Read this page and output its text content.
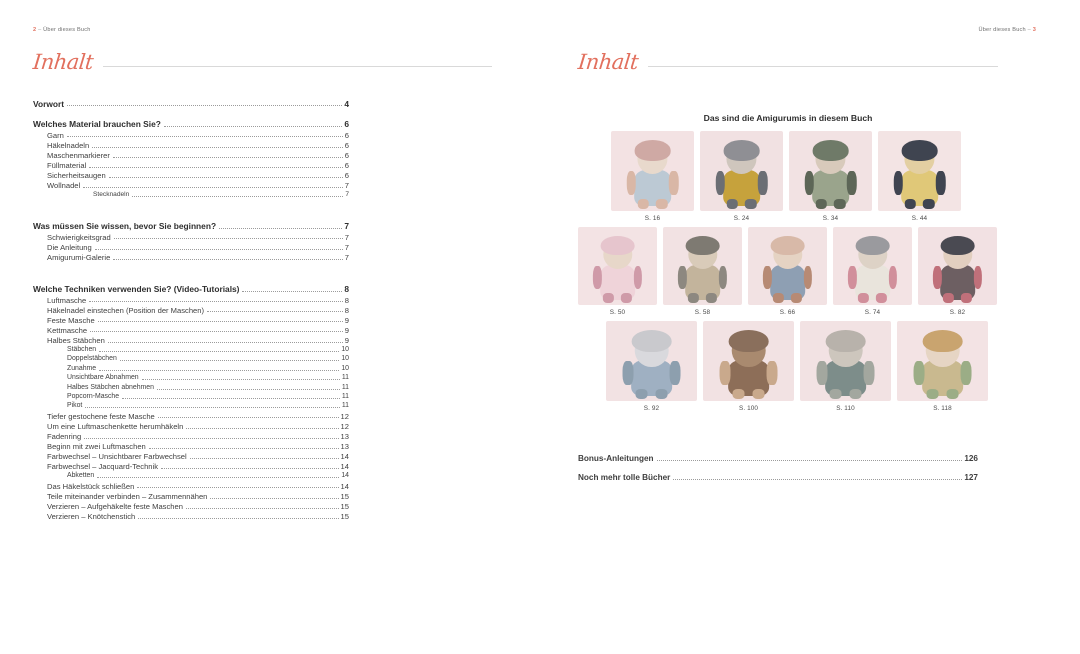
2 – Über dieses Buch
Inhalt
Vorwort	4
Welches Material brauchen Sie?	6
Garn	6
Häkelnadeln	6
Maschenmarkierer	6
Füllmaterial	6
Sicherheitsaugen	6
Wollnadel	7
Stecknadeln	7
Was müssen Sie wissen, bevor Sie beginnen?	7
Schwierigkeitsgrad	7
Die Anleitung	7
Amigurumi-Galerie	7
Welche Techniken verwenden Sie? (Video-Tutorials)	8
Luftmasche	8
Häkelnadel einstechen (Position der Maschen)	8
Feste Masche	9
Kettmasche	9
Halbes Stäbchen	9
Stäbchen	10
Doppelstäbchen	10
Zunahme	10
Unsichtbare Abnahmen	11
Halbes Stäbchen abnehmen	11
Popcorn-Masche	11
Pikot	11
Tiefer gestochene feste Masche	12
Um eine Luftmaschenkette herumhäkeln	12
Fadenring	13
Beginn mit zwei Luftmaschen	13
Farbwechsel – Unsichtbarer Farbwechsel	14
Farbwechsel – Jacquard-Technik	14
Abketten	14
Das Häkelstück schließen	14
Teile miteinander verbinden – Zusammennähen	15
Verzieren – Aufgehäkelte feste Maschen	15
Verzieren – Knötchenstich	15
Über dieses Buch – 3
Inhalt
Das sind die Amigurumis in diesem Buch
S. 16	S. 24	S. 34	S. 44
S. 50	S. 58	S. 66	S. 74	S. 82
S. 92	S. 100	S. 110	S. 118
Bonus-Anleitungen	126
Noch mehr tolle Bücher	127
